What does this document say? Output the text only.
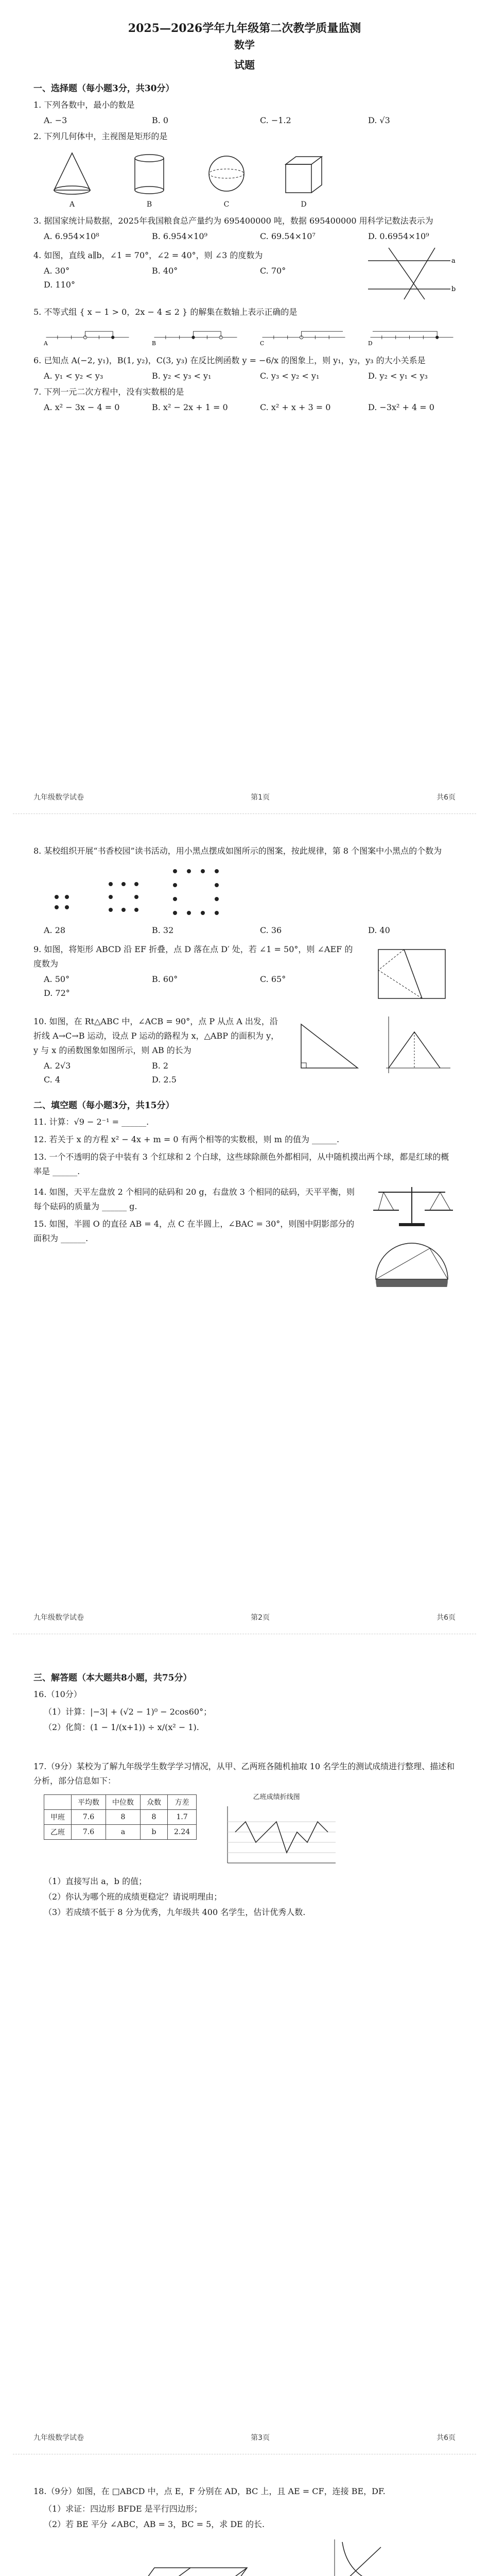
2025—2026学年九年级第二次教学质量监测
数学
试题
一、选择题（每小题3分，共30分）
1. 下列各数中，最小的数是
A. −3	B. 0	C. −1.2	D. √3
2. 下列几何体中，主视图是矩形的是
A	B	C	D
3. 据国家统计局数据，2025年我国粮食总产量约为 695400000 吨，数据 695400000 用科学记数法表示为
A. 6.954×10⁸	B. 6.954×10⁹	C. 69.54×10⁷	D. 0.6954×10⁹
4. 如图，直线 a∥b，∠1 = 70°，∠2 = 40°，则 ∠3 的度数为
A. 30°	B. 40°	C. 70°
D. 110°
a
b
5. 不等式组 { x − 1 > 0，2x − 4 ≤ 2 } 的解集在数轴上表示正确的是
A	B	C	D
6. 已知点 A(−2, y₁)，B(1, y₂)，C(3, y₃) 在反比例函数 y = −6/x 的图象上，则 y₁，y₂，y₃ 的大小关系是
A. y₁ < y₂ < y₃	B. y₂ < y₃ < y₁	C. y₃ < y₂ < y₁	D. y₂ < y₁ < y₃
7. 下列一元二次方程中，没有实数根的是
A. x² − 3x − 4 = 0	B. x² − 2x + 1 = 0	C. x² + x + 3 = 0	D. −3x² + 4 = 0
九年级数学试卷	第1页	共6页
8. 某校组织开展“书香校园”读书活动，用小黑点摆成如图所示的图案，按此规律，第 8 个图案中小黑点的个数为
A. 28	B. 32	C. 36	D. 40
9. 如图，将矩形 ABCD 沿 EF 折叠，点 D 落在点 D′ 处，若 ∠1 = 50°，则 ∠AEF 的度数为
A. 50°	B. 60°	C. 65°
D. 72°
10. 如图，在 Rt△ABC 中，∠ACB = 90°，点 P 从点 A 出发，沿折线 A→C→B 运动，设点 P 运动的路程为 x，△ABP 的面积为 y，y 与 x 的函数图象如图所示，则 AB 的长为
A. 2√3	B. 2
C. 4	D. 2.5
二、填空题（每小题3分，共15分）
11. 计算：√9 − 2⁻¹ = ______.
12. 若关于 x 的方程 x² − 4x + m = 0 有两个相等的实数根，则 m 的值为 ______.
13. 一个不透明的袋子中装有 3 个红球和 2 个白球，这些球除颜色外都相同，从中随机摸出两个球，都是红球的概率是 ______.
14. 如图，天平左盘放 2 个相同的砝码和 20 g，右盘放 3 个相同的砝码，天平平衡，则每个砝码的质量为 ______ g.
15. 如图，半圆 O 的直径 AB = 4，点 C 在半圆上，∠BAC = 30°，则图中阴影部分的面积为 ______.
九年级数学试卷	第2页	共6页
三、解答题（本大题共8小题，共75分）
16.（10分）
（1）计算：|−3| + (√2 − 1)⁰ − 2cos60°；
（2）化简：(1 − 1/(x+1)) ÷ x/(x² − 1).
17.（9分）某校为了解九年级学生数学学习情况，从甲、乙两班各随机抽取 10 名学生的测试成绩进行整理、描述和分析，部分信息如下：
	平均数	中位数	众数	方差
甲班	7.6	8	8	1.7
乙班	7.6	a	b	2.24
乙班成绩折线图
（1）直接写出 a，b 的值；
（2）你认为哪个班的成绩更稳定？请说明理由；
（3）若成绩不低于 8 分为优秀，九年级共 400 名学生，估计优秀人数.
九年级数学试卷	第3页	共6页
18.（9分）如图，在 □ABCD 中，点 E，F 分别在 AD，BC 上，且 AE = CF，连接 BE，DF.
（1）求证：四边形 BFDE 是平行四边形；
（2）若 BE 平分 ∠ABC，AB = 3，BC = 5，求 DE 的长.
